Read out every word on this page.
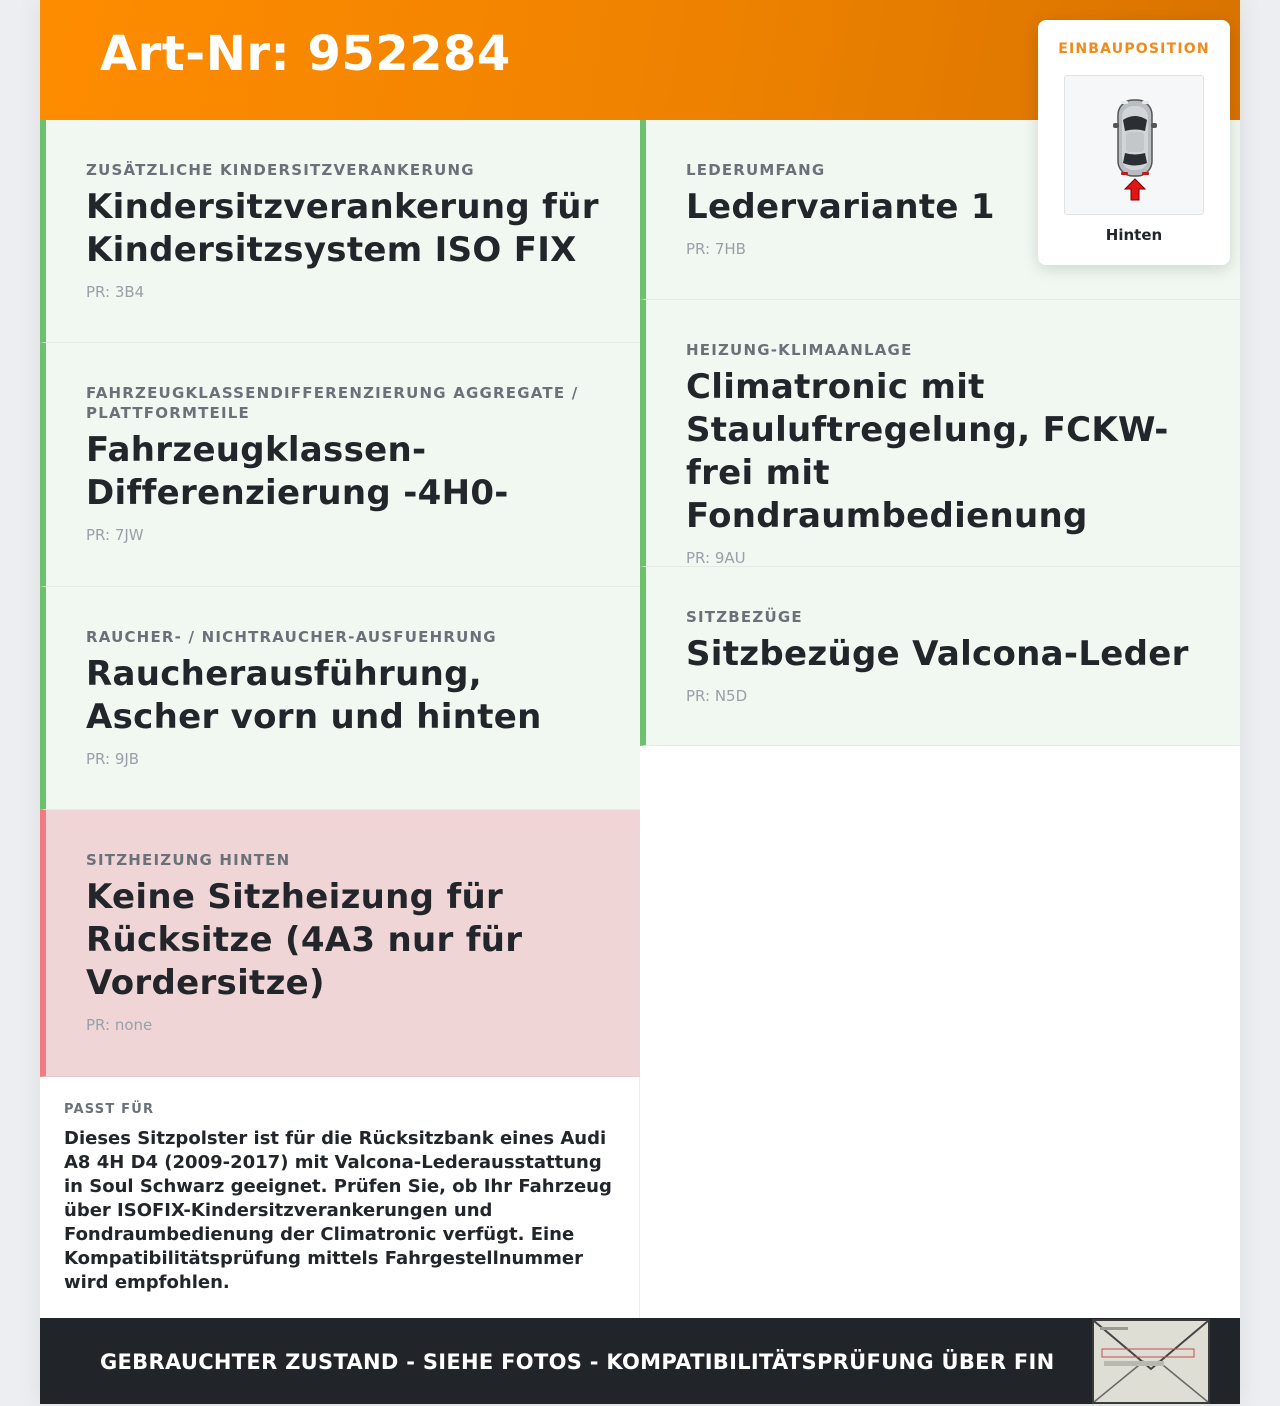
Art-Nr: 952284
ZUSÄTZLICHE KINDERSITZVERANKERUNG
Kindersitzverankerung für Kindersitzsystem ISO FIX
PR: 3B4
FAHRZEUGKLASSENDIFFERENZIERUNG AGGREGATE / PLATTFORMTEILE
Fahrzeugklassen-Differenzierung -4H0-
PR: 7JW
RAUCHER- / NICHTRAUCHER-AUSFUEHRUNG
Raucherausführung, Ascher vorn und hinten
PR: 9JB
SITZHEIZUNG HINTEN
Keine Sitzheizung für Rücksitze (4A3 nur für Vordersitze)
PR: none
LEDERUMFANG
Ledervariante 1
PR: 7HB
HEIZUNG-KLIMAANLAGE
Climatronic mit Stauluftregelung, FCKW-frei mit Fondraumbedienung
PR: 9AU
SITZBEZÜGE
Sitzbezüge Valcona-Leder
PR: N5D
PASST FÜR
Dieses Sitzpolster ist für die Rücksitzbank eines Audi A8 4H D4 (2009-2017) mit Valcona-Lederausstattung in Soul Schwarz geeignet. Prüfen Sie, ob Ihr Fahrzeug über ISOFIX-Kindersitzverankerungen und Fondraumbedienung der Climatronic verfügt. Eine Kompatibilitätsprüfung mittels Fahrgestellnummer wird empfohlen.
EINBAUPOSITION
Hinten
GEBRAUCHTER ZUSTAND - SIEHE FOTOS - KOMPATIBILITÄTSPRÜFUNG ÜBER FIN
